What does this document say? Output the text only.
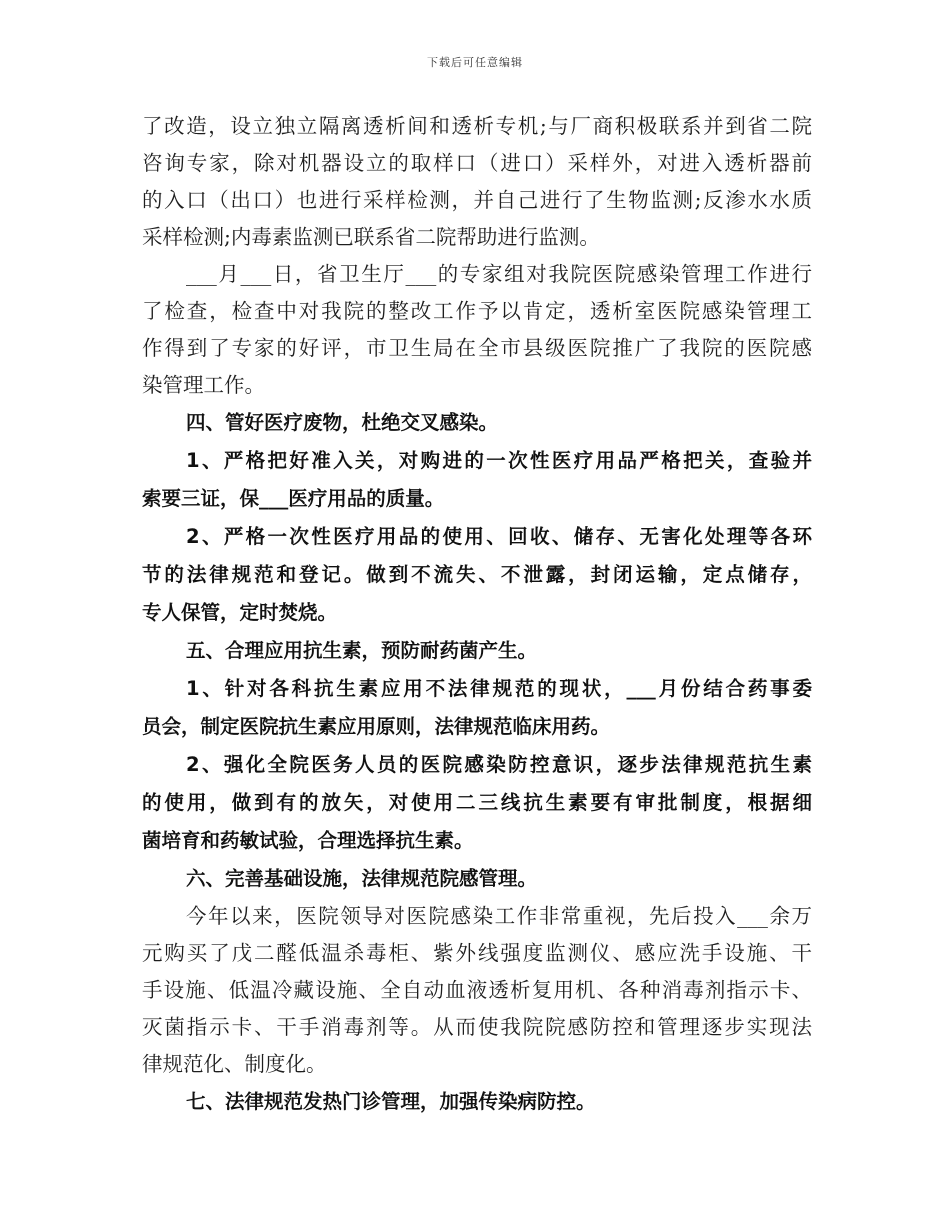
下载后可任意编辑
了改造，设立独立隔离透析间和透析专机;与厂商积极联系并到省二院
咨询专家，除对机器设立的取样口（进口）采样外，对进入透析器前
的入口（出口）也进行采样检测，并自己进行了生物监测;反渗水水质
采样检测;内毒素监测已联系省二院帮助进行监测。
___月___日，省卫生厅___的专家组对我院医院感染管理工作进行
了检查，检查中对我院的整改工作予以肯定，透析室医院感染管理工
作得到了专家的好评，市卫生局在全市县级医院推广了我院的医院感
染管理工作。
四、管好医疗废物，杜绝交叉感染。
1、严格把好准入关，对购进的一次性医疗用品严格把关，查验并
索要三证，保___医疗用品的质量。
2、严格一次性医疗用品的使用、回收、储存、无害化处理等各环
节的法律规范和登记。做到不流失、不泄露，封闭运输，定点储存，
专人保管，定时焚烧。
五、合理应用抗生素，预防耐药菌产生。
1、针对各科抗生素应用不法律规范的现状，___月份结合药事委
员会，制定医院抗生素应用原则，法律规范临床用药。
2、强化全院医务人员的医院感染防控意识，逐步法律规范抗生素
的使用，做到有的放矢，对使用二三线抗生素要有审批制度，根据细
菌培育和药敏试验，合理选择抗生素。
六、完善基础设施，法律规范院感管理。
今年以来，医院领导对医院感染工作非常重视，先后投入___余万
元购买了戊二醛低温杀毒柜、紫外线强度监测仪、感应洗手设施、干
手设施、低温冷藏设施、全自动血液透析复用机、各种消毒剂指示卡、
灭菌指示卡、干手消毒剂等。从而使我院院感防控和管理逐步实现法
律规范化、制度化。
七、法律规范发热门诊管理，加强传染病防控。
